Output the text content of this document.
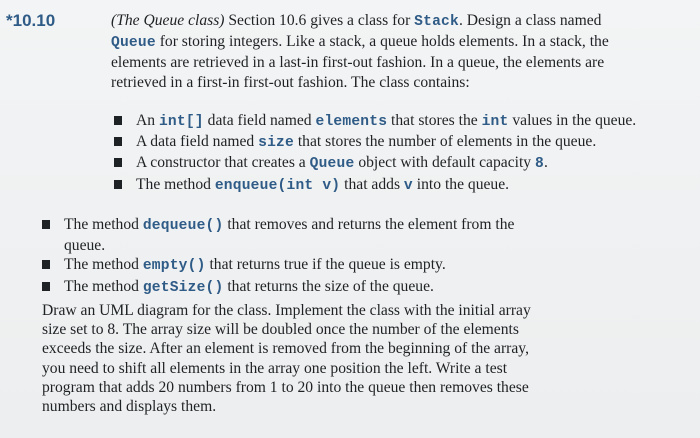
*10.10	(The Queue class) Section 10.6 gives a class for Stack. Design a class named

Queue for storing integers. Like a stack, a queue holds elements. In a stack, the

elements are retrieved in a last-in first-out fashion. In a queue, the elements are

retrieved in a first-in first-out fashion. The class contains:

An int[] data field named elements that stores the int values in the queue.
A data field named size that stores the number of elements in the queue.
A constructor that creates a Queue object with default capacity 8.
The method enqueue(int v) that adds v into the queue.
The method dequeue() that removes and returns the element from the
queue.
The method empty() that returns true if the queue is empty.
The method getSize() that returns the size of the queue.

Draw an UML diagram for the class. Implement the class with the initial array

size set to 8. The array size will be doubled once the number of the elements

exceeds the size. After an element is removed from the beginning of the array,

you need to shift all elements in the array one position the left. Write a test

program that adds 20 numbers from 1 to 20 into the queue then removes these

numbers and displays them.
